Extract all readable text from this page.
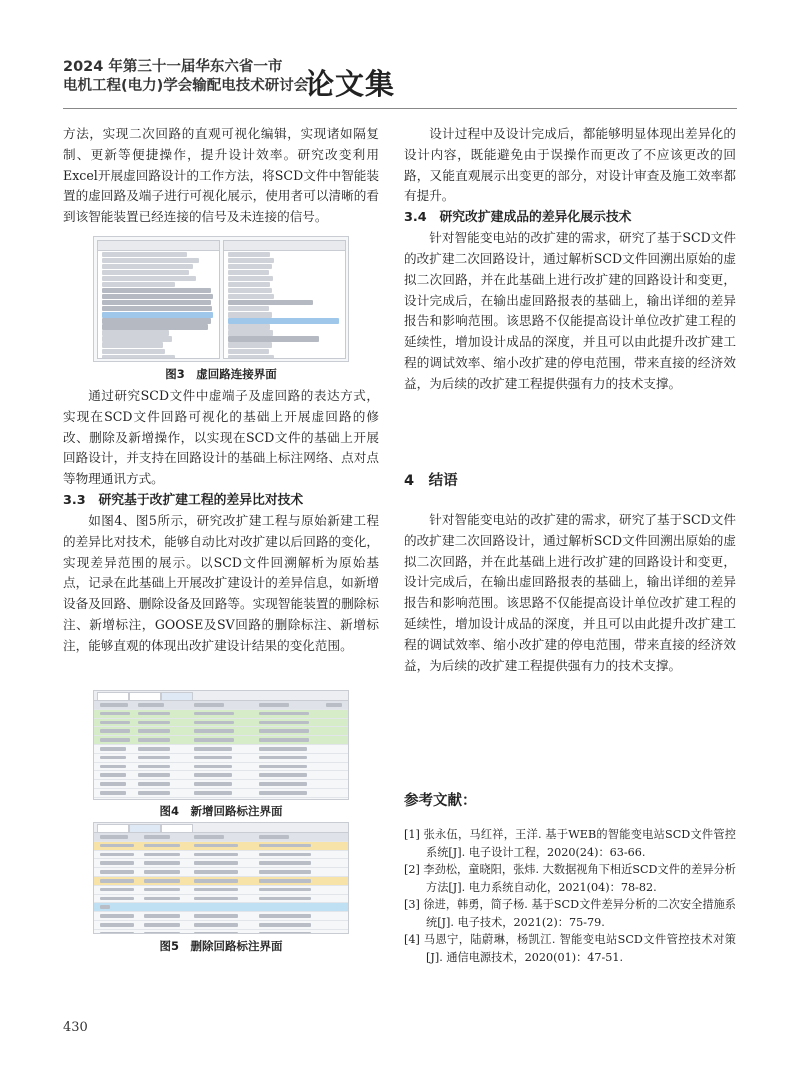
2024 年第三十一届华东六省一市
电机工程(电力)学会输配电技术研讨会
论文集

方法，实现二次回路的直观可视化编辑，实现诸如隔复制、更新等便捷操作，提升设计效率。研究改变利用Excel开展虚回路设计的工作方法，将SCD文件中智能装置的虚回路及端子进行可视化展示，使用者可以清晰的看到该智能装置已经连接的信号及未连接的信号。

图3　虚回路连接界面

通过研究SCD文件中虚端子及虚回路的表达方式，实现在SCD文件回路可视化的基础上开展虚回路的修改、删除及新增操作，以实现在SCD文件的基础上开展回路设计，并支持在回路设计的基础上标注网络、点对点等物理通讯方式。

3.3　研究基于改扩建工程的差异比对技术

如图4、图5所示，研究改扩建工程与原始新建工程的差异比对技术，能够自动比对改扩建以后回路的变化，实现差异范围的展示。以SCD文件回溯解析为原始基点，记录在此基础上开展改扩建设计的差异信息，如新增设备及回路、删除设备及回路等。实现智能装置的删除标注、新增标注，GOOSE及SV回路的删除标注、新增标注，能够直观的体现出改扩建设计结果的变化范围。

图4　新增回路标注界面
图5　删除回路标注界面

设计过程中及设计完成后，都能够明显体现出差异化的设计内容，既能避免由于误操作而更改了不应该更改的回路，又能直观展示出变更的部分，对设计审查及施工效率都有提升。

3.4　研究改扩建成品的差异化展示技术

针对智能变电站的改扩建的需求，研究了基于SCD文件的改扩建二次回路设计，通过解析SCD文件回溯出原始的虚拟二次回路，并在此基础上进行改扩建的回路设计和变更，设计完成后，在输出虚回路报表的基础上，输出详细的差异报告和影响范围。该思路不仅能提高设计单位改扩建工程的延续性，增加设计成品的深度，并且可以由此提升改扩建工程的调试效率、缩小改扩建的停电范围，带来直接的经济效益，为后续的改扩建工程提供强有力的技术支撑。

4　结语

针对智能变电站的改扩建的需求，研究了基于SCD文件的改扩建二次回路设计，通过解析SCD文件回溯出原始的虚拟二次回路，并在此基础上进行改扩建的回路设计和变更，设计完成后，在输出虚回路报表的基础上，输出详细的差异报告和影响范围。该思路不仅能提高设计单位改扩建工程的延续性，增加设计成品的深度，并且可以由此提升改扩建工程的调试效率、缩小改扩建的停电范围，带来直接的经济效益，为后续的改扩建工程提供强有力的技术支撑。

参考文献：

[1] 张永伍，马红祥，王洋. 基于WEB的智能变电站SCD文件管控系统[J]. 电子设计工程，2020(24)：63-66.

[2] 李劲松，童晓阳，张炜. 大数据视角下相近SCD文件的差异分析方法[J]. 电力系统自动化，2021(04)：78-82.

[3] 徐进，韩勇，简子杨. 基于SCD文件差异分析的二次安全措施系统[J]. 电子技术，2021(2)：75-79.

[4] 马恩宁，陆蔚琳，杨凯江. 智能变电站SCD文件管控技术对策[J]. 通信电源技术，2020(01)：47-51.

430
